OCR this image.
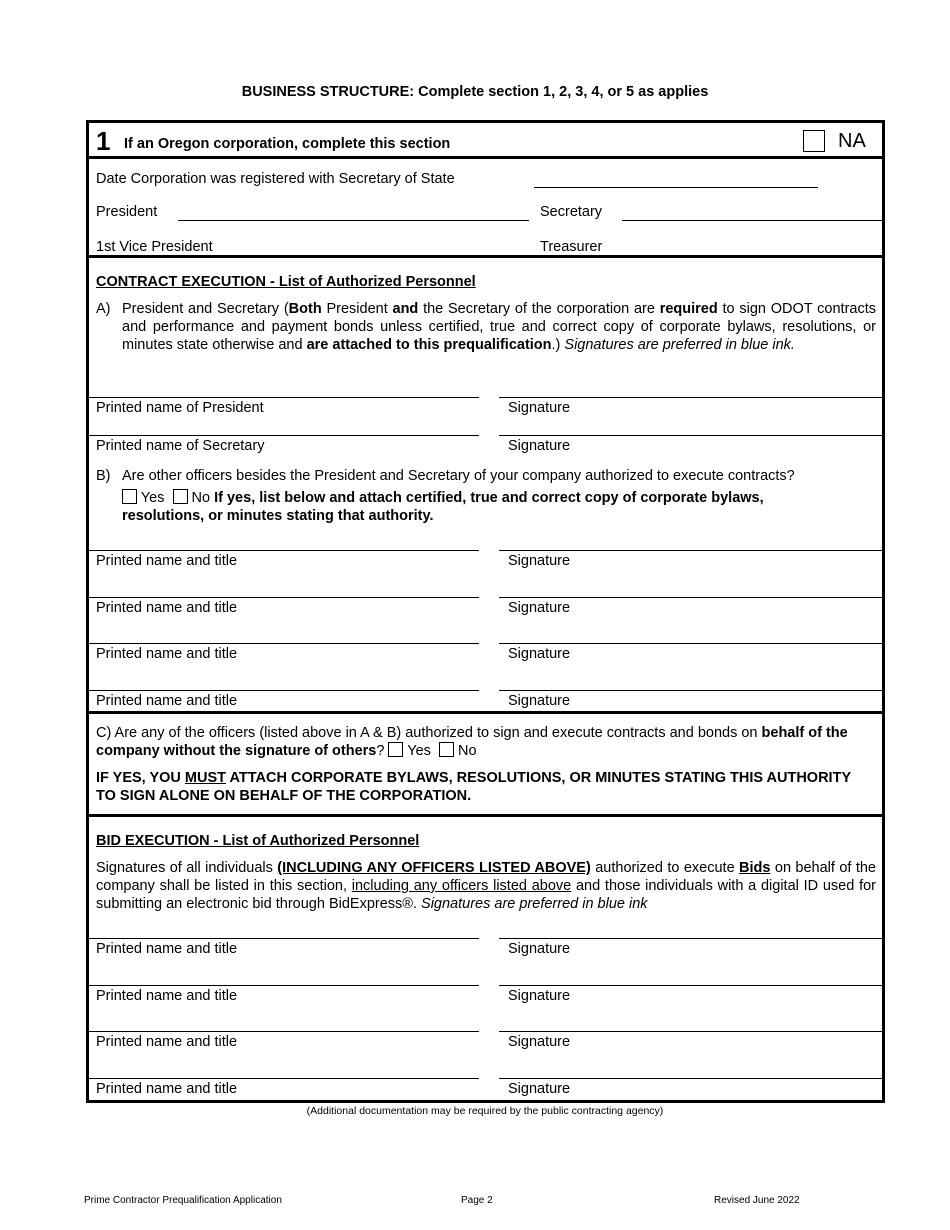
BUSINESS STRUCTURE: Complete section 1, 2, 3, 4, or 5 as applies
1 If an Oregon corporation, complete this section	NA
Date Corporation was registered with Secretary of State
President	Secretary
1st Vice President	Treasurer
CONTRACT EXECUTION - List of Authorized Personnel
A) President and Secretary (Both President and the Secretary of the corporation are required to sign ODOT contracts and performance and payment bonds unless certified, true and correct copy of corporate bylaws, resolutions, or minutes state otherwise and are attached to this prequalification.) Signatures are preferred in blue ink.
Printed name of President	Signature
Printed name of Secretary	Signature
B) Are other officers besides the President and Secretary of your company authorized to execute contracts?
Yes No If yes, list below and attach certified, true and correct copy of corporate bylaws, resolutions, or minutes stating that authority.
Printed name and title	Signature
Printed name and title	Signature
Printed name and title	Signature
Printed name and title	Signature
C) Are any of the officers (listed above in A & B) authorized to sign and execute contracts and bonds on behalf of the company without the signature of others? Yes No
IF YES, YOU MUST ATTACH CORPORATE BYLAWS, RESOLUTIONS, OR MINUTES STATING THIS AUTHORITY TO SIGN ALONE ON BEHALF OF THE CORPORATION.
BID EXECUTION - List of Authorized Personnel
Signatures of all individuals (INCLUDING ANY OFFICERS LISTED ABOVE) authorized to execute Bids on behalf of the company shall be listed in this section, including any officers listed above and those individuals with a digital ID used for submitting an electronic bid through BidExpress®. Signatures are preferred in blue ink
Printed name and title	Signature
Printed name and title	Signature
Printed name and title	Signature
Printed name and title	Signature
(Additional documentation may be required by the public contracting agency)
Prime Contractor Prequalification Application	Page 2	Revised June 2022
